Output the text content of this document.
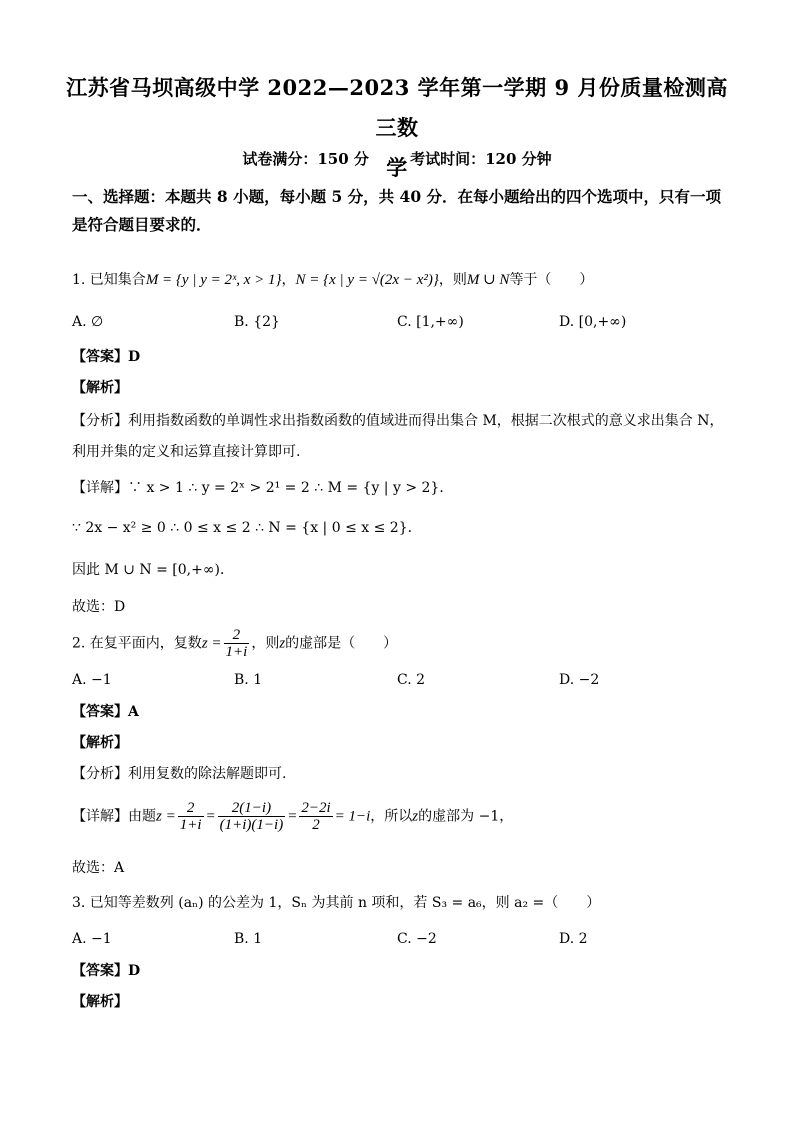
江苏省马坝高级中学 2022—2023 学年第一学期 9 月份质量检测高三数
学
试卷满分：150 分	考试时间：120 分钟
一、选择题：本题共 8 小题，每小题 5 分，共 40 分．在每小题给出的四个选项中，只有一项是符合题目要求的．
1. 已知集合M = {y | y = 2ˣ, x > 1}，N = {x | y = √(2x − x²)}，则M ∪ N等于（　　）
A. ∅	B. {2}	C. [1,+∞)	D. [0,+∞)
【答案】D
【解析】
【分析】利用指数函数的单调性求出指数函数的值域进而得出集合 M，根据二次根式的意义求出集合 N，
利用并集的定义和运算直接计算即可.
【详解】∵ x > 1 ∴ y = 2ˣ > 2¹ = 2 ∴ M = {y | y > 2}．
∵ 2x − x² ≥ 0 ∴ 0 ≤ x ≤ 2 ∴ N = {x | 0 ≤ x ≤ 2}．
因此 M ∪ N = [0,+∞)．
故选：D
2. 在复平面内，复数$z = \frac{2}{1+i}$ ，则z的虚部是（　　）
A. −1	B. 1	C. 2	D. −2
【答案】A
【解析】
【分析】利用复数的除法解题即可.
【详解】由题$z = \frac{2}{1+i} = \frac{2(1-i)}{(1+i)(1-i)} = \frac{2-2i}{2} = 1-i$，所以z的虚部为 −1，
故选：A
3. 已知等差数列 (aₙ) 的公差为 1，Sₙ 为其前 n 项和，若 S₃ = a₆，则 a₂ =（　　）
A. −1	B. 1	C. −2	D. 2
【答案】D
【解析】
